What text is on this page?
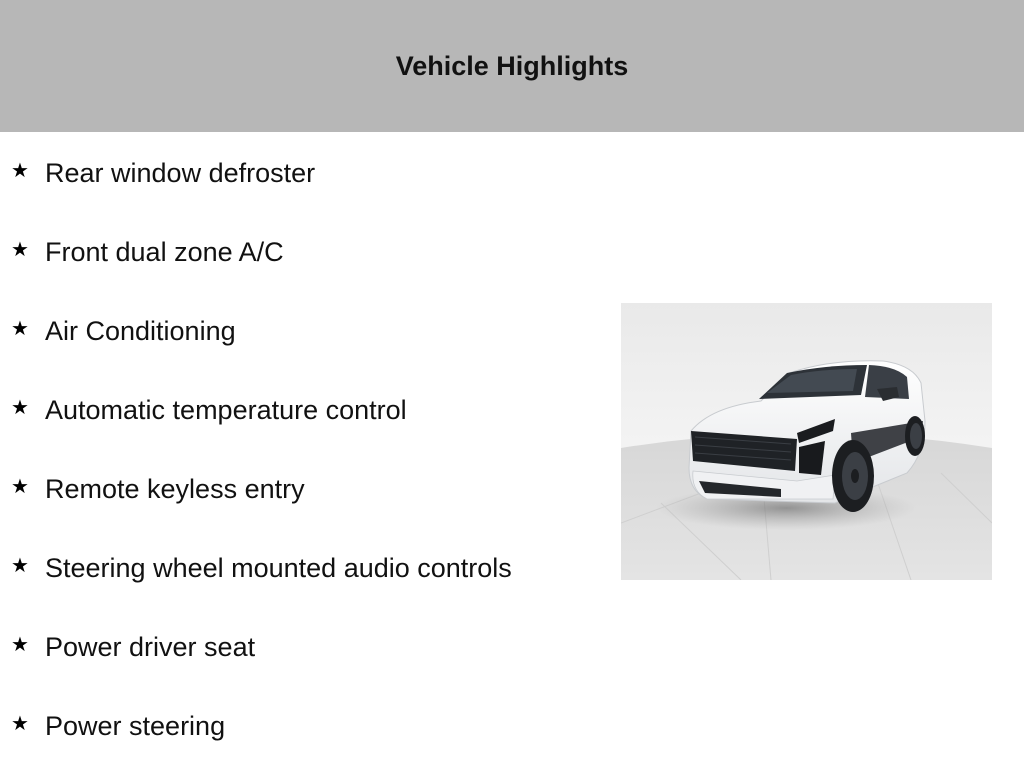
Vehicle Highlights
★ Rear window defroster
★ Front dual zone A/C
★ Air Conditioning
★ Automatic temperature control
★ Remote keyless entry
★ Steering wheel mounted audio controls
★ Power driver seat
★ Power steering
